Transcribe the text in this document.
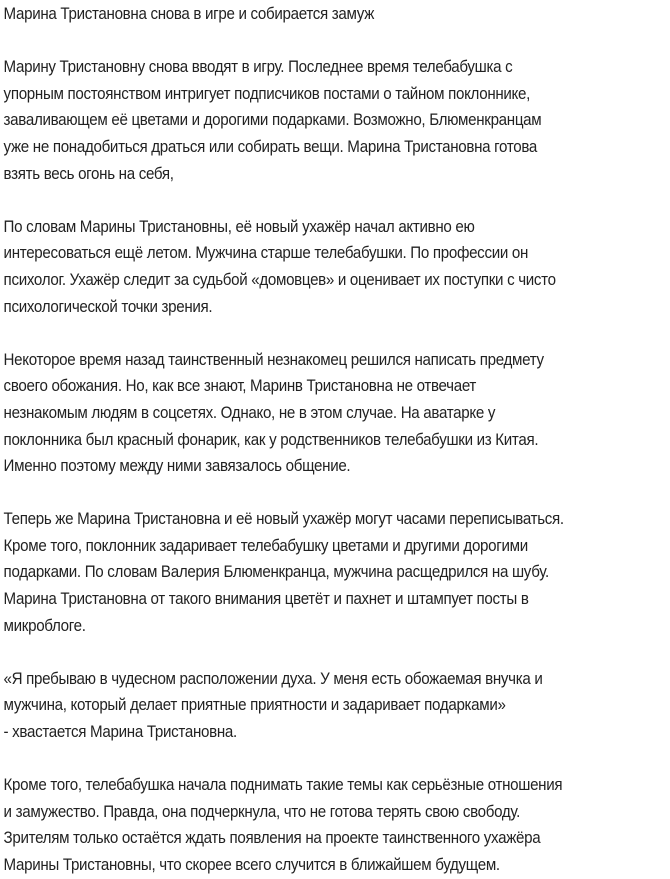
Марина Тристановна снова в игре и собирается замуж
Марину Тристановну снова вводят в игру. Последнее время телебабушка с
упорным постоянством интригует подписчиков постами о тайном поклоннике,
заваливающем её цветами и дорогими подарками. Возможно, Блюменкранцам
уже не понадобиться драться или собирать вещи. Марина Тристановна готова
взять весь огонь на себя,
По словам Марины Тристановны, её новый ухажёр начал активно ею
интересоваться ещё летом. Мужчина старше телебабушки. По профессии он
психолог. Ухажёр следит за судьбой «домовцев» и оценивает их поступки с чисто
психологической точки зрения.
Некоторое время назад таинственный незнакомец решился написать предмету
своего обожания. Но, как все знают, Маринв Тристановна не отвечает
незнакомым людям в соцсетях. Однако, не в этом случае. На аватарке у
поклонника был красный фонарик, как у родственников телебабушки из Китая.
Именно поэтому между ними завязалось общение.
Теперь же Марина Тристановна и её новый ухажёр могут часами переписываться.
Кроме того, поклонник задаривает телебабушку цветами и другими дорогими
подарками. По словам Валерия Блюменкранца, мужчина расщедрился на шубу.
Марина Тристановна от такого внимания цветёт и пахнет и штампует посты в
микроблоге.
«Я пребываю в чудесном расположении духа. У меня есть обожаемая внучка и
мужчина, который делает приятные приятности и задаривает подарками»
- хвастается Марина Тристановна.
Кроме того, телебабушка начала поднимать такие темы как серьёзные отношения
и замужество. Правда, она подчеркнула, что не готова терять свою свободу.
Зрителям только остаётся ждать появления на проекте таинственного ухажёра
Марины Тристановны, что скорее всего случится в ближайшем будущем.
